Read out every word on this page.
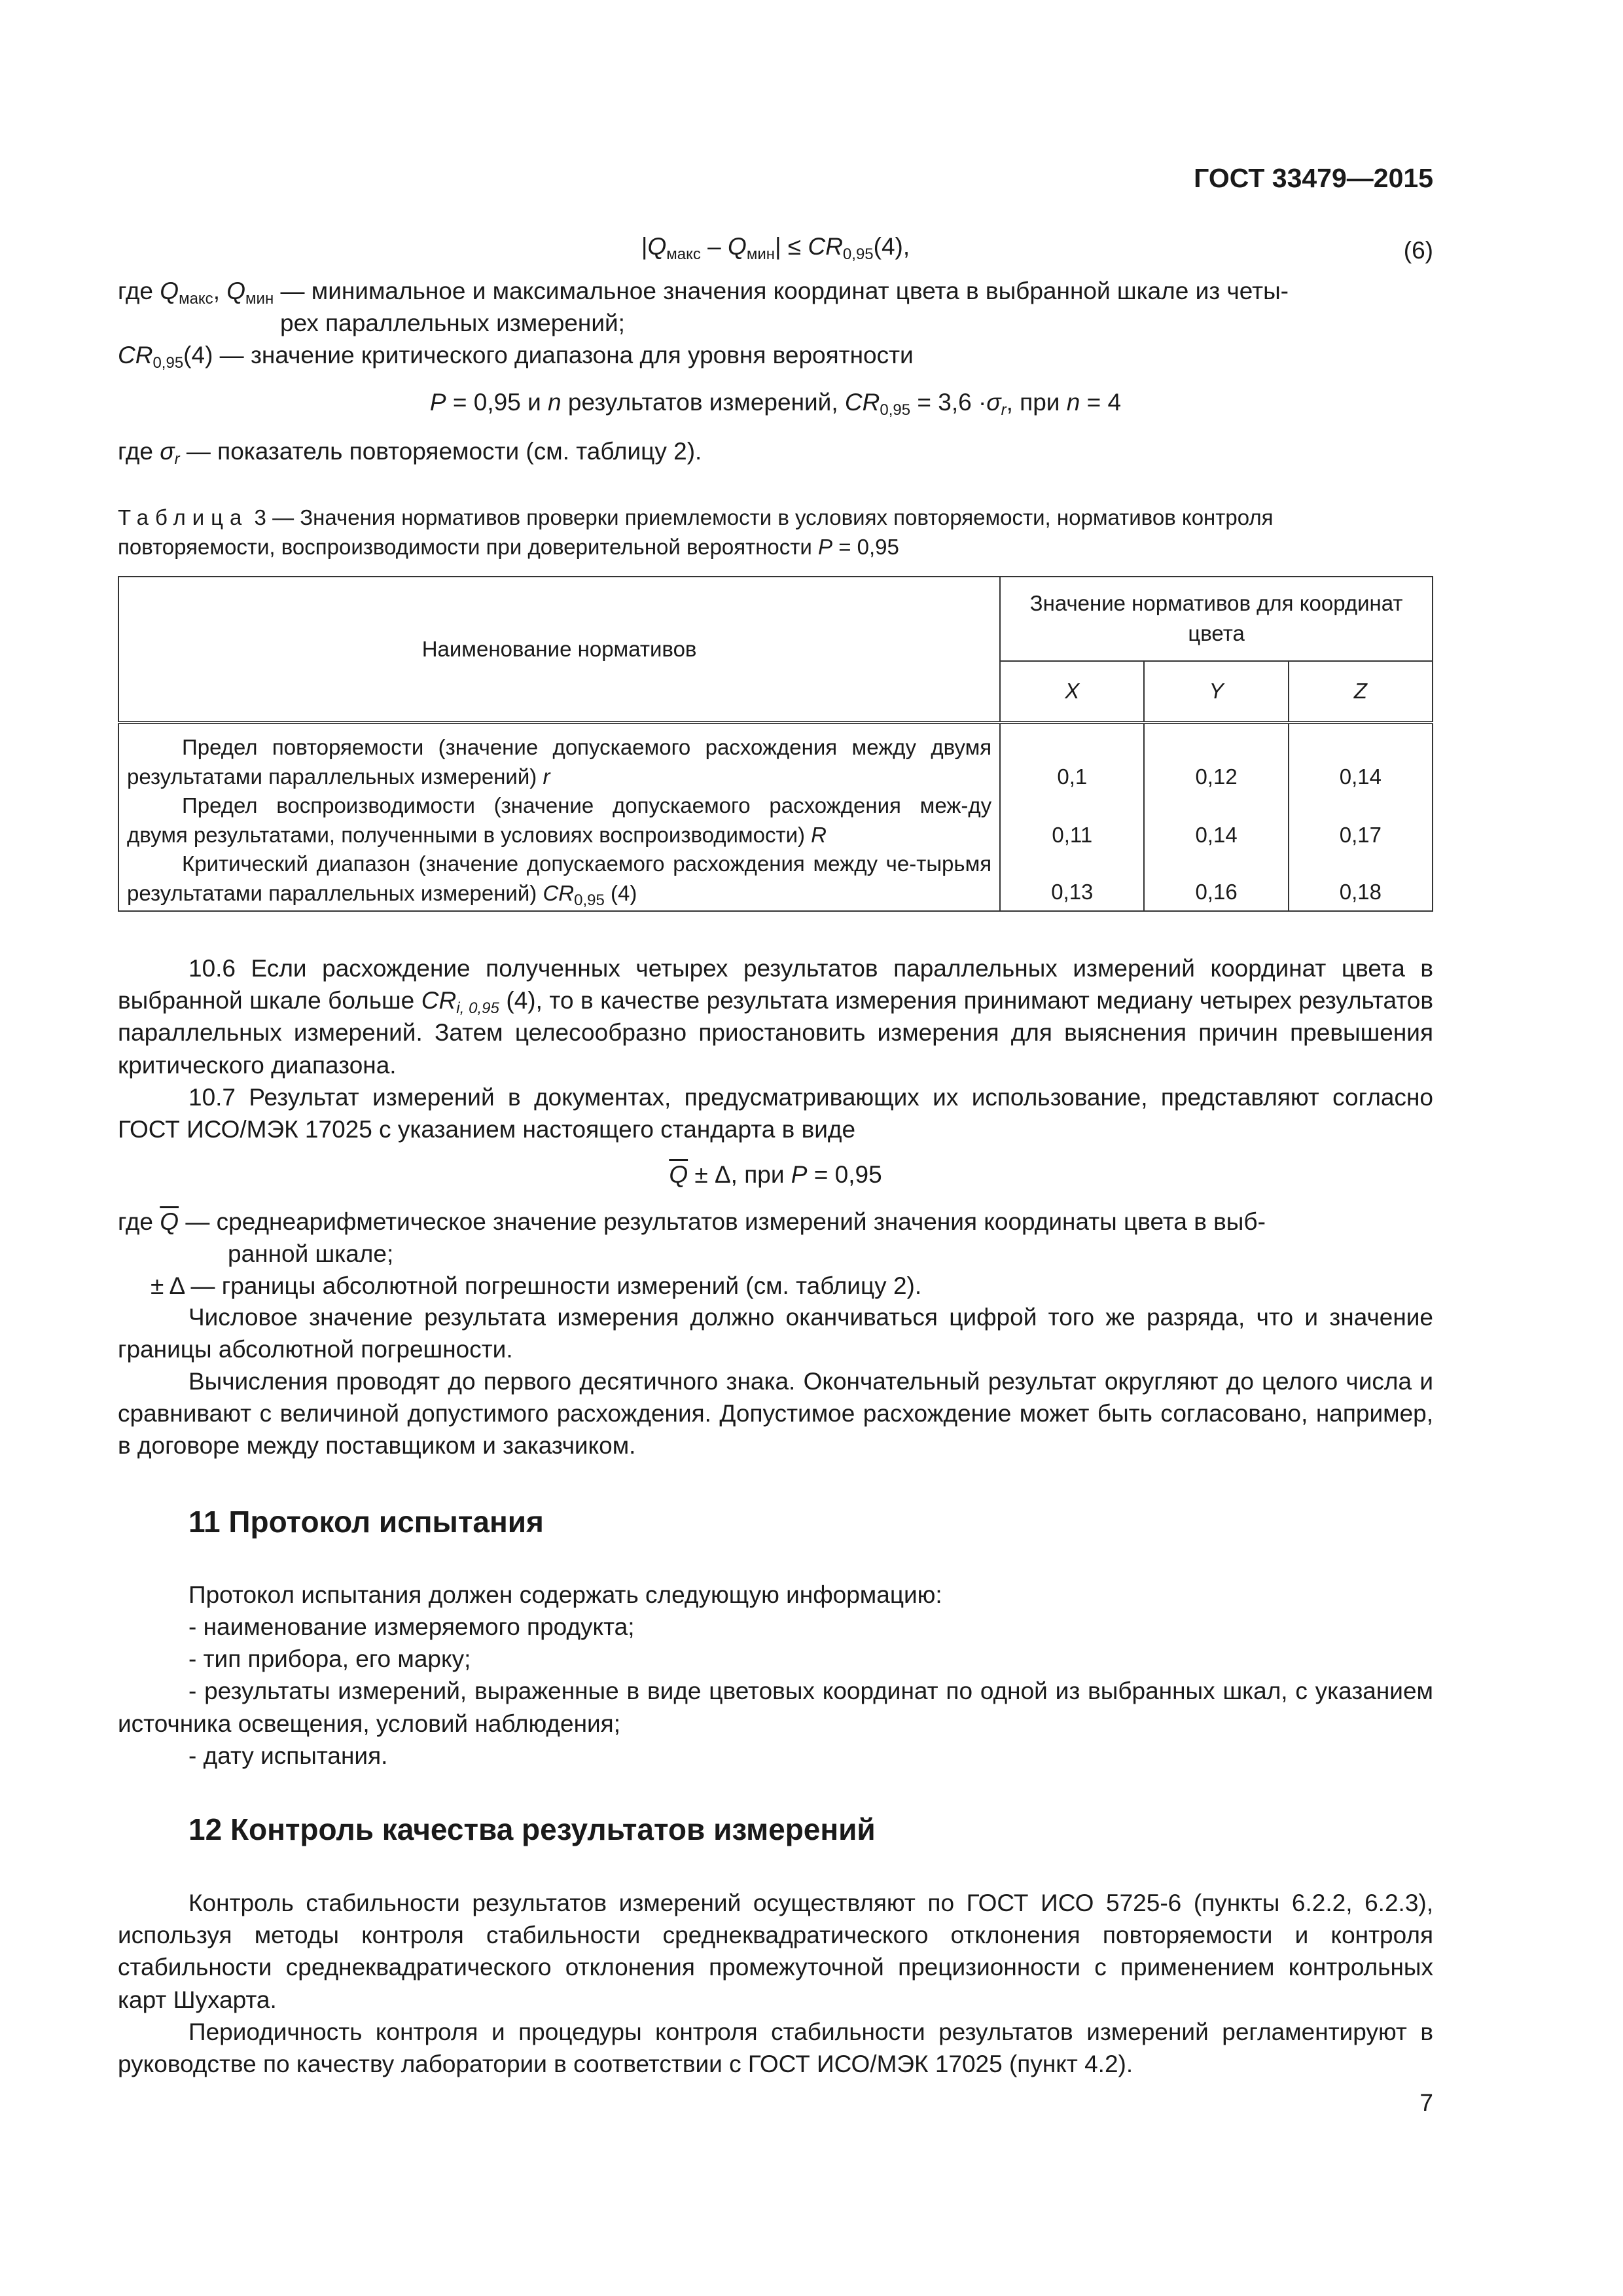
ГОСТ 33479—2015
$|Q_{макс} - Q_{мин}| \le CR_{0,95}(4)$,	(6)
где $Q_{макс}$, $Q_{мин}$ — минимальное и максимальное значения координат цвета в выбранной шкале из четы-
рех параллельных измерений;
$CR_{0,95}(4)$ — значение критического диапазона для уровня вероятности
P = 0,95 и n результатов измерений, $CR_{0,95} = 3,6 \cdot\sigma_r$, при n = 4
где $\sigma_r$ — показатель повторяемости (см. таблицу 2).
Таблица 3 — Значения нормативов проверки приемлемости в условиях повторяемости, нормативов контроля повторяемости, воспроизводимости при доверительной вероятности P = 0,95
Наименование нормативов	Значение нормативов для координат цвета		
	X	Y	Z
Предел повторяемости (значение допускаемого расхождения между двумя результатами параллельных измерений) r	0,1	0,12	0,14
Предел воспроизводимости (значение допускаемого расхождения меж-ду двумя результатами, полученными в условиях воспроизводимости) R	0,11	0,14	0,17
Критический диапазон (значение допускаемого расхождения между че-тырьмя результатами параллельных измерений) $CR_{0,95}$ (4)	0,13	0,16	0,18
10.6 Если расхождение полученных четырех результатов параллельных измерений координат цвета в выбранной шкале больше $CR_{i, 0,95}$ (4), то в качестве результата измерения принимают медиану четырех результатов параллельных измерений. Затем целесообразно приостановить измерения для выяснения причин превышения критического диапазона.
10.7 Результат измерений в документах, предусматривающих их использование, представляют согласно ГОСТ ИСО/МЭК 17025 с указанием настоящего стандарта в виде
$\overline{Q} \pm \Delta$, при P = 0,95
где $\overline{Q}$ — среднеарифметическое значение результатов измерений значения координаты цвета в выб-
ранной шкале;
± Δ — границы абсолютной погрешности измерений (см. таблицу 2).
Числовое значение результата измерения должно оканчиваться цифрой того же разряда, что и значение границы абсолютной погрешности.
Вычисления проводят до первого десятичного знака. Окончательный результат округляют до целого числа и сравнивают с величиной допустимого расхождения. Допустимое расхождение может быть согласовано, например, в договоре между поставщиком и заказчиком.
11 Протокол испытания
Протокол испытания должен содержать следующую информацию:
- наименование измеряемого продукта;
- тип прибора, его марку;
- результаты измерений, выраженные в виде цветовых координат по одной из выбранных шкал, с указанием источника освещения, условий наблюдения;
- дату испытания.
12 Контроль качества результатов измерений
Контроль стабильности результатов измерений осуществляют по ГОСТ ИСО 5725-6 (пункты 6.2.2, 6.2.3), используя методы контроля стабильности среднеквадратического отклонения повторяемости и контроля стабильности среднеквадратического отклонения промежуточной прецизионности с применением контрольных карт Шухарта.
Периодичность контроля и процедуры контроля стабильности результатов измерений регламентируют в руководстве по качеству лаборатории в соответствии с ГОСТ ИСО/МЭК 17025 (пункт 4.2).
7
